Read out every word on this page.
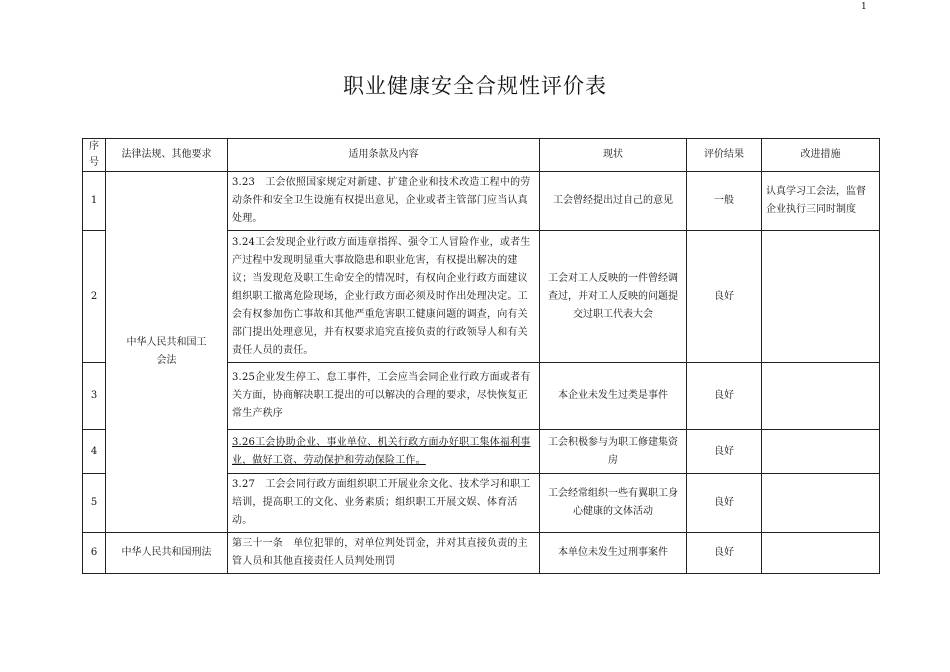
1
职业健康安全合规性评价表
序号	法律法规、其他要求	适用条款及内容	现状	评价结果	改进措施
1	中华人民共和国工会法	3.23　工会依照国家规定对新建、扩建企业和技术改造工程中的劳动条件和安全卫生设施有权提出意见，企业或者主管部门应当认真处理。	工会曾经提出过自己的意见	一般	认真学习工会法，监督企业执行三同时制度
2		3.24工会发现企业行政方面违章指挥、强令工人冒险作业，或者生产过程中发现明显重大事故隐患和职业危害，有权提出解决的建议；当发现危及职工生命安全的情况时，有权向企业行政方面建议组织职工撤离危险现场，企业行政方面必须及时作出处理决定。工会有权参加伤亡事故和其他严重危害职工健康问题的调查，向有关部门提出处理意见，并有权要求追究直接负责的行政领导人和有关责任人员的责任。	工会对工人反映的一件曾经调查过，并对工人反映的问题提交过职工代表大会	良好	
3		3.25企业发生停工、怠工事件，工会应当会同企业行政方面或者有关方面，协商解决职工提出的可以解决的合理的要求，尽快恢复正常生产秩序	本企业未发生过类是事件	良好	
4		3.26工会协助企业、事业单位、机关行政方面办好职工集体福利事业，做好工资、劳动保护和劳动保险工作。	工会积极参与为职工修建集资房	良好	
5		3.27　工会会同行政方面组织职工开展业余文化、技术学习和职工培训，提高职工的文化、业务素质；组织职工开展文娱、体育活动。	工会经常组织一些有翼职工身心健康的文体活动	良好	
6	中华人民共和国刑法	第三十一条　单位犯罪的，对单位判处罚金，并对其直接负责的主管人员和其他直接责任人员判处刑罚	本单位未发生过刑事案件	良好	
